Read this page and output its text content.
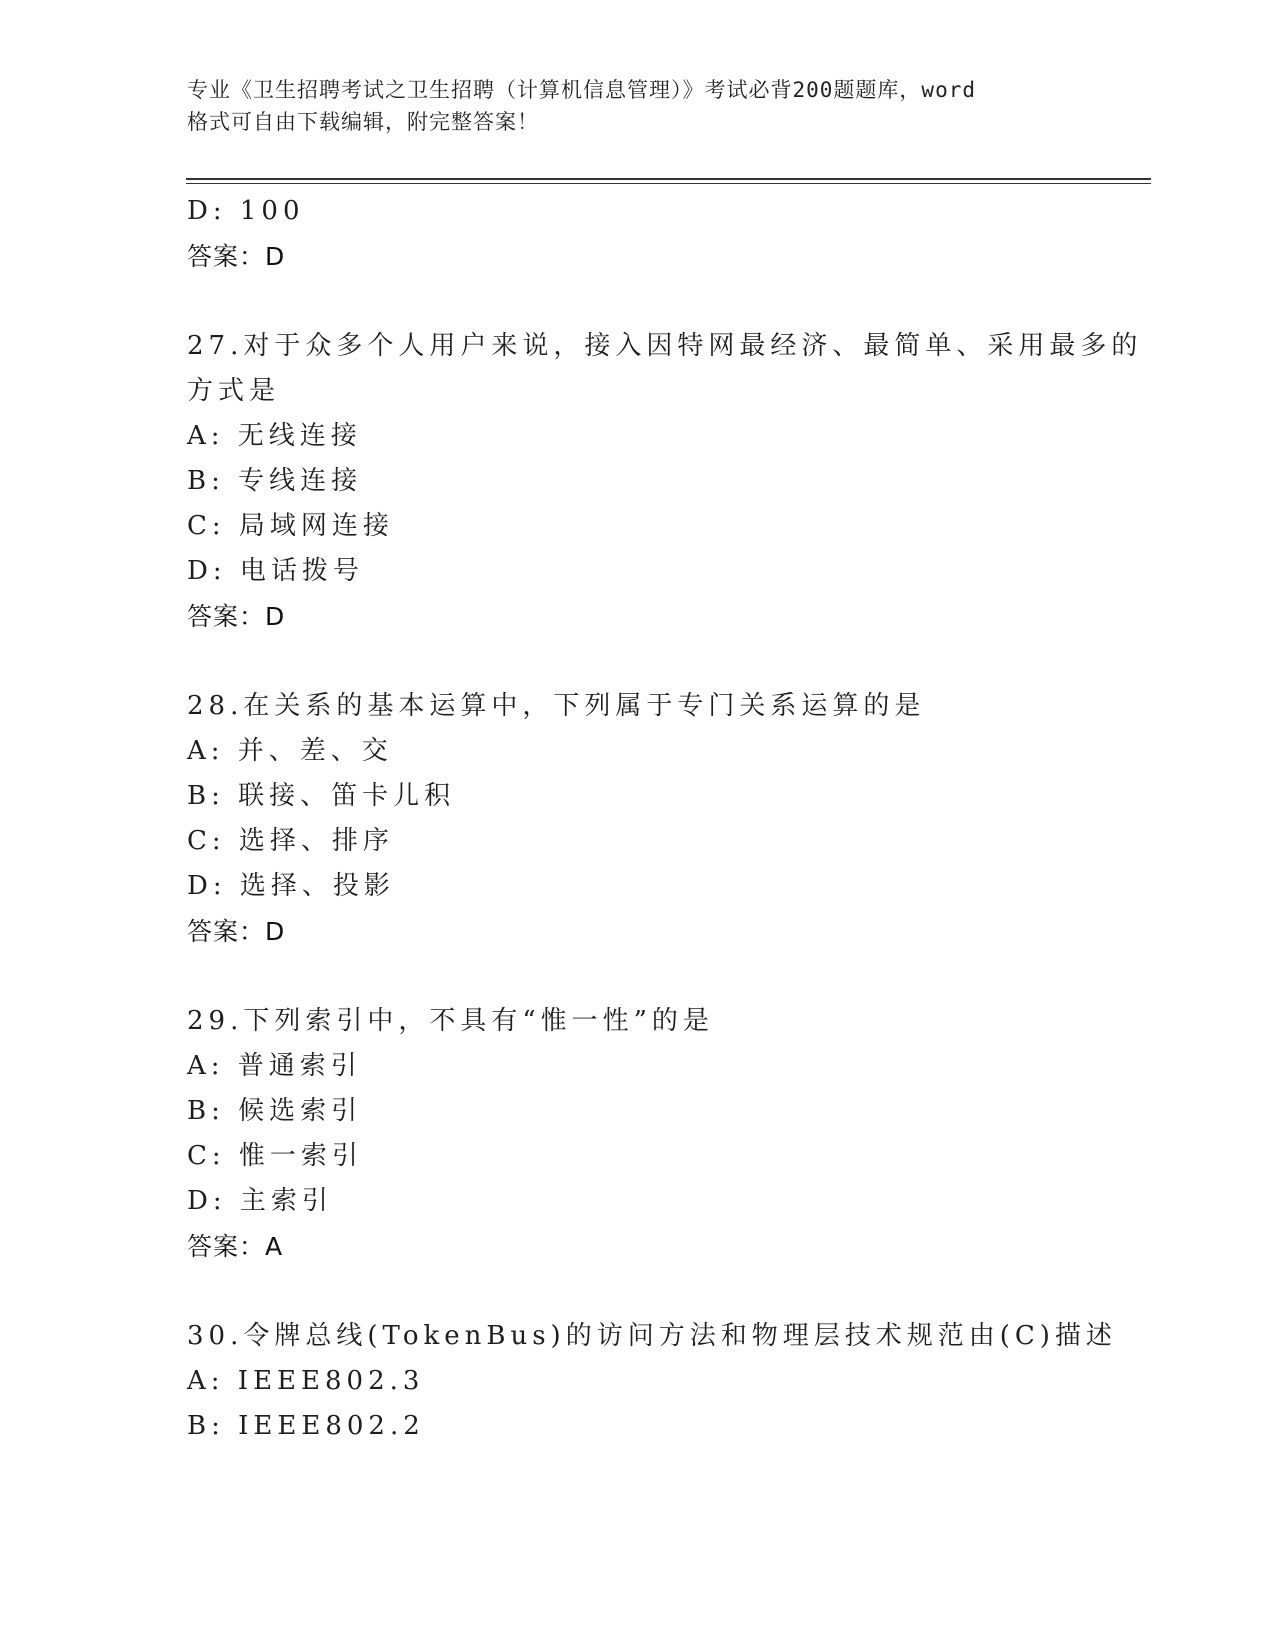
专业《卫生招聘考试之卫生招聘（计算机信息管理）》考试必背200题题库，word
格式可自由下载编辑，附完整答案！
D: 100
答案：D
27.对于众多个人用户来说，接入因特网最经济、最简单、采用最多的
方式是
A: 无线连接
B: 专线连接
C: 局域网连接
D: 电话拨号
答案：D
28.在关系的基本运算中，下列属于专门关系运算的是
A: 并、差、交
B: 联接、笛卡儿积
C: 选择、排序
D: 选择、投影
答案：D
29.下列索引中，不具有“惟一性”的是
A: 普通索引
B: 候选索引
C: 惟一索引
D: 主索引
答案：A
30.令牌总线(TokenBus)的访问方法和物理层技术规范由(C)描述
A: IEEE802.3
B: IEEE802.2
